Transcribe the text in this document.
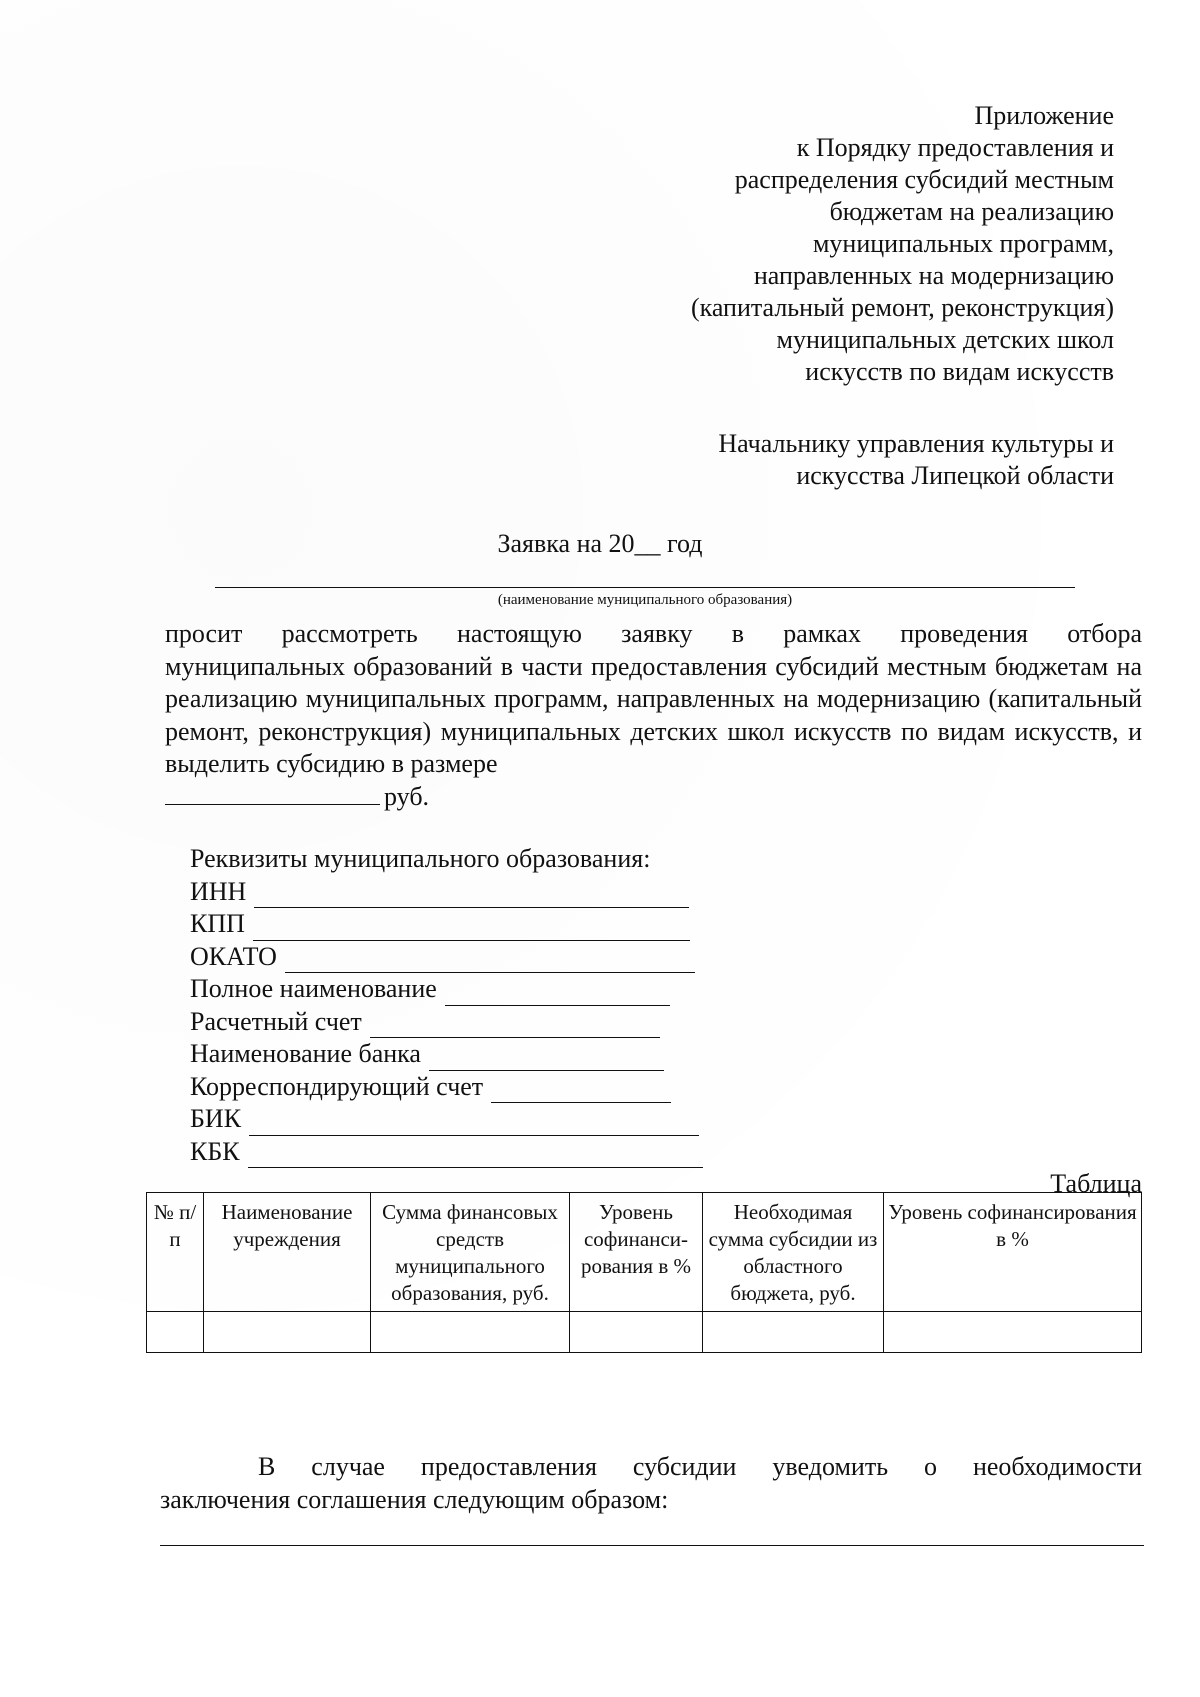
Приложение
к Порядку предоставления и
распределения субсидий местным
бюджетам на реализацию
муниципальных программ,
направленных на модернизацию
(капитальный ремонт, реконструкция)
муниципальных детских школ
искусств по видам искусств
Начальнику управления культуры и
искусства Липецкой области
Заявка на 20__ год
(наименование муниципального образования)
просит рассмотреть настоящую заявку в рамках проведения отбора
муниципальных образований в части предоставления субсидий местным бюджетам на реализацию муниципальных программ, направленных на модернизацию (капитальный ремонт, реконструкция) муниципальных детских школ искусств по видам искусств, и выделить субсидию в размере
руб.
Реквизиты муниципального образования:
ИНН
КПП
ОКАТО
Полное наименование
Расчетный счет
Наименование банка
Корреспондирующий счет
БИК
КБК
Таблица
№ п/п	Наименование учреждения	Сумма финансовых средств муниципального образования, руб.	Уровень софинанси-рования в %	Необходимая сумма субсидии из областного бюджета, руб.	Уровень софинансирования в %

В случае предоставления субсидии уведомить о необходимости
заключения соглашения следующим образом:
